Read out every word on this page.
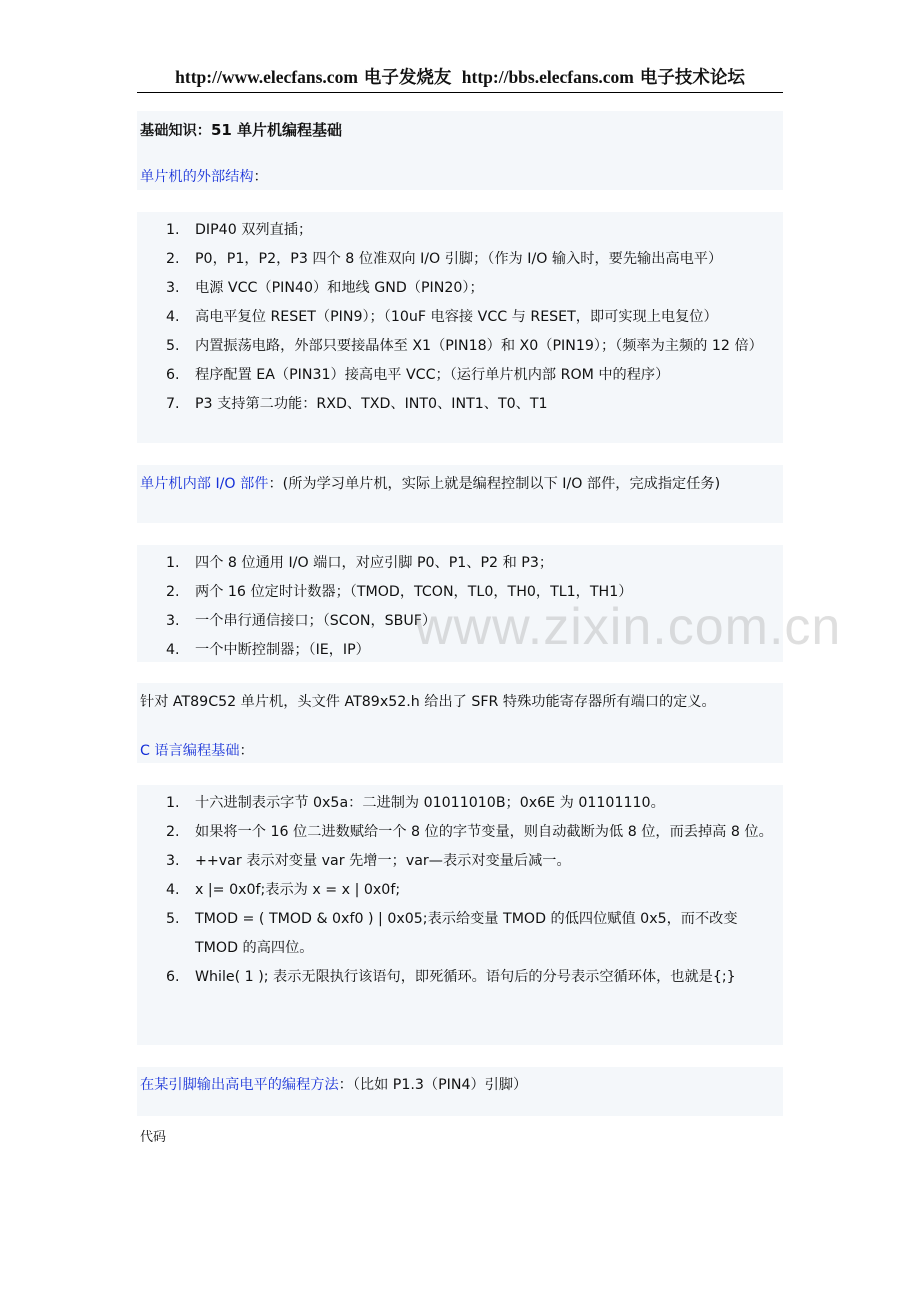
http://www.elecfans.com 电子发烧友 http://bbs.elecfans.com 电子技术论坛
基础知识：51 单片机编程基础
单片机的外部结构：
1. DIP40 双列直插；
2. P0，P1，P2，P3 四个 8 位准双向 I/O 引脚；（作为 I/O 输入时，要先输出高电平）
3. 电源 VCC（PIN40）和地线 GND（PIN20）；
4. 高电平复位 RESET（PIN9）；（10uF 电容接 VCC 与 RESET，即可实现上电复位）
5. 内置振荡电路，外部只要接晶体至 X1（PIN18）和 X0（PIN19）；（频率为主频的 12 倍）
6. 程序配置 EA（PIN31）接高电平 VCC；（运行单片机内部 ROM 中的程序）
7. P3 支持第二功能：RXD、TXD、INT0、INT1、T0、T1
单片机内部 I/O 部件：(所为学习单片机，实际上就是编程控制以下 I/O 部件，完成指定任务)
1. 四个 8 位通用 I/O 端口，对应引脚 P0、P1、P2 和 P3；
2. 两个 16 位定时计数器；（TMOD，TCON，TL0，TH0，TL1，TH1）
3. 一个串行通信接口；（SCON，SBUF）
4. 一个中断控制器；（IE，IP）
针对 AT89C52 单片机，头文件 AT89x52.h 给出了 SFR 特殊功能寄存器所有端口的定义。
C 语言编程基础：
1. 十六进制表示字节 0x5a：二进制为 01011010B；0x6E 为 01101110。
2. 如果将一个 16 位二进数赋给一个 8 位的字节变量，则自动截断为低 8 位，而丢掉高 8 位。
3. ++var 表示对变量 var 先增一；var—表示对变量后减一。
4. x |= 0x0f;表示为 x = x | 0x0f;
5. TMOD = ( TMOD & 0xf0 ) | 0x05;表示给变量 TMOD 的低四位赋值 0x5，而不改变 TMOD 的高四位。
6. While( 1 ); 表示无限执行该语句，即死循环。语句后的分号表示空循环体，也就是{;}
在某引脚输出高电平的编程方法：（比如 P1.3（PIN4）引脚）
代码
www.zixin.com.cn
